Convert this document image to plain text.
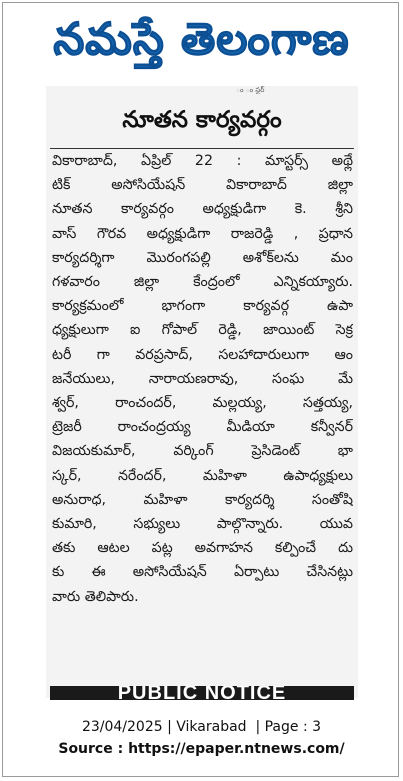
నమస్తే తెలంగాణ
ం ం స్టర్
నూతన కార్యవర్గం
వికారాబాద్, ఏప్రిల్ 22 : మాస్టర్స్ అథ్లే
టిక్ అసోసియేషన్ వికారాబాద్ జిల్లా
నూతన కార్యవర్గం అధ్యక్షుడిగా కె. శ్రీని
వాస్ గౌరవ అధ్యక్షుడిగా రాజరెడ్డి , ప్రధాన
కార్యదర్శిగా మొరంగపల్లి అశోక్‌లను మం
గళవారం జిల్లా కేంద్రంలో ఎన్నికయ్యారు.
కార్యక్రమంలో భాగంగా కార్యవర్గ ఉపా
ధ్యక్షులుగా ఐ గోపాల్ రెడ్డి, జాయింట్ సెక్ర
టరీ గా వరప్రసాద్, సలహాదారులుగా ఆం
జనేయులు, నారాయణరావు, సంఘ మే
శ్వర్, రాంచందర్, మల్లయ్య, సత్తయ్య,
ట్రెజరీ రాంచంద్రయ్య మీడియా కన్వీనర్
విజయకుమార్, వర్కింగ్ ప్రెసిడెంట్ భా
స్కర్, నరేందర్, మహిళా ఉపాధ్యక్షులు
అనురాధ, మహిళా కార్యదర్శి సంతోషి
కుమారి, సభ్యులు పాల్గొన్నారు. యువ
తకు ఆటల పట్ల అవగాహన కల్పించే దు
కు ఈ అసోసియేషన్ ఏర్పాటు చేసినట్లు
వారు తెలిపారు.
PUBLIC NOTICE
23/04/2025 | Vikarabad  | Page : 3
Source : https://epaper.ntnews.com/
